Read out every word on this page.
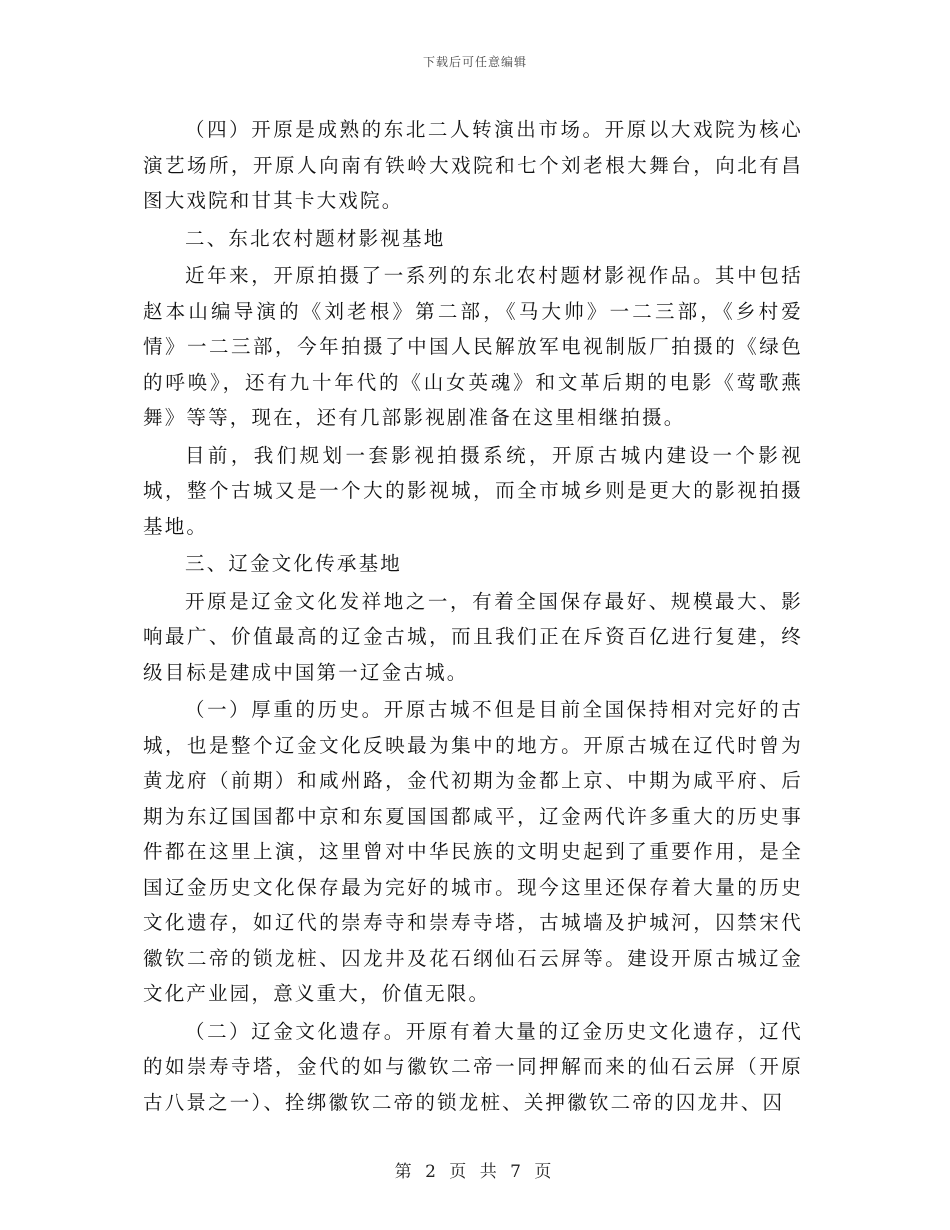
下载后可任意编辑

（四）开原是成熟的东北二人转演出市场。开原以大戏院为核心演艺场所，开原人向南有铁岭大戏院和七个刘老根大舞台，向北有昌图大戏院和甘其卡大戏院。

二、东北农村题材影视基地

近年来，开原拍摄了一系列的东北农村题材影视作品。其中包括赵本山编导演的《刘老根》第二部，《马大帅》一二三部，《乡村爱情》一二三部，今年拍摄了中国人民解放军电视制版厂拍摄的《绿色的呼唤》，还有九十年代的《山女英魂》和文革后期的电影《莺歌燕舞》等等，现在，还有几部影视剧准备在这里相继拍摄。

目前，我们规划一套影视拍摄系统，开原古城内建设一个影视城，整个古城又是一个大的影视城，而全市城乡则是更大的影视拍摄基地。

三、辽金文化传承基地

开原是辽金文化发祥地之一，有着全国保存最好、规模最大、影响最广、价值最高的辽金古城，而且我们正在斥资百亿进行复建，终级目标是建成中国第一辽金古城。

（一）厚重的历史。开原古城不但是目前全国保持相对完好的古城，也是整个辽金文化反映最为集中的地方。开原古城在辽代时曾为黄龙府（前期）和咸州路，金代初期为金都上京、中期为咸平府、后期为东辽国国都中京和东夏国国都咸平，辽金两代许多重大的历史事件都在这里上演，这里曾对中华民族的文明史起到了重要作用，是全国辽金历史文化保存最为完好的城市。现今这里还保存着大量的历史文化遗存，如辽代的崇寿寺和崇寿寺塔，古城墙及护城河，囚禁宋代徽钦二帝的锁龙桩、囚龙井及花石纲仙石云屏等。建设开原古城辽金文化产业园，意义重大，价值无限。

（二）辽金文化遗存。开原有着大量的辽金历史文化遗存，辽代的如崇寿寺塔，金代的如与徽钦二帝一同押解而来的仙石云屏（开原古八景之一）、拴绑徽钦二帝的锁龙桩、关押徽钦二帝的囚龙井、囚

第 2 页 共 7 页
